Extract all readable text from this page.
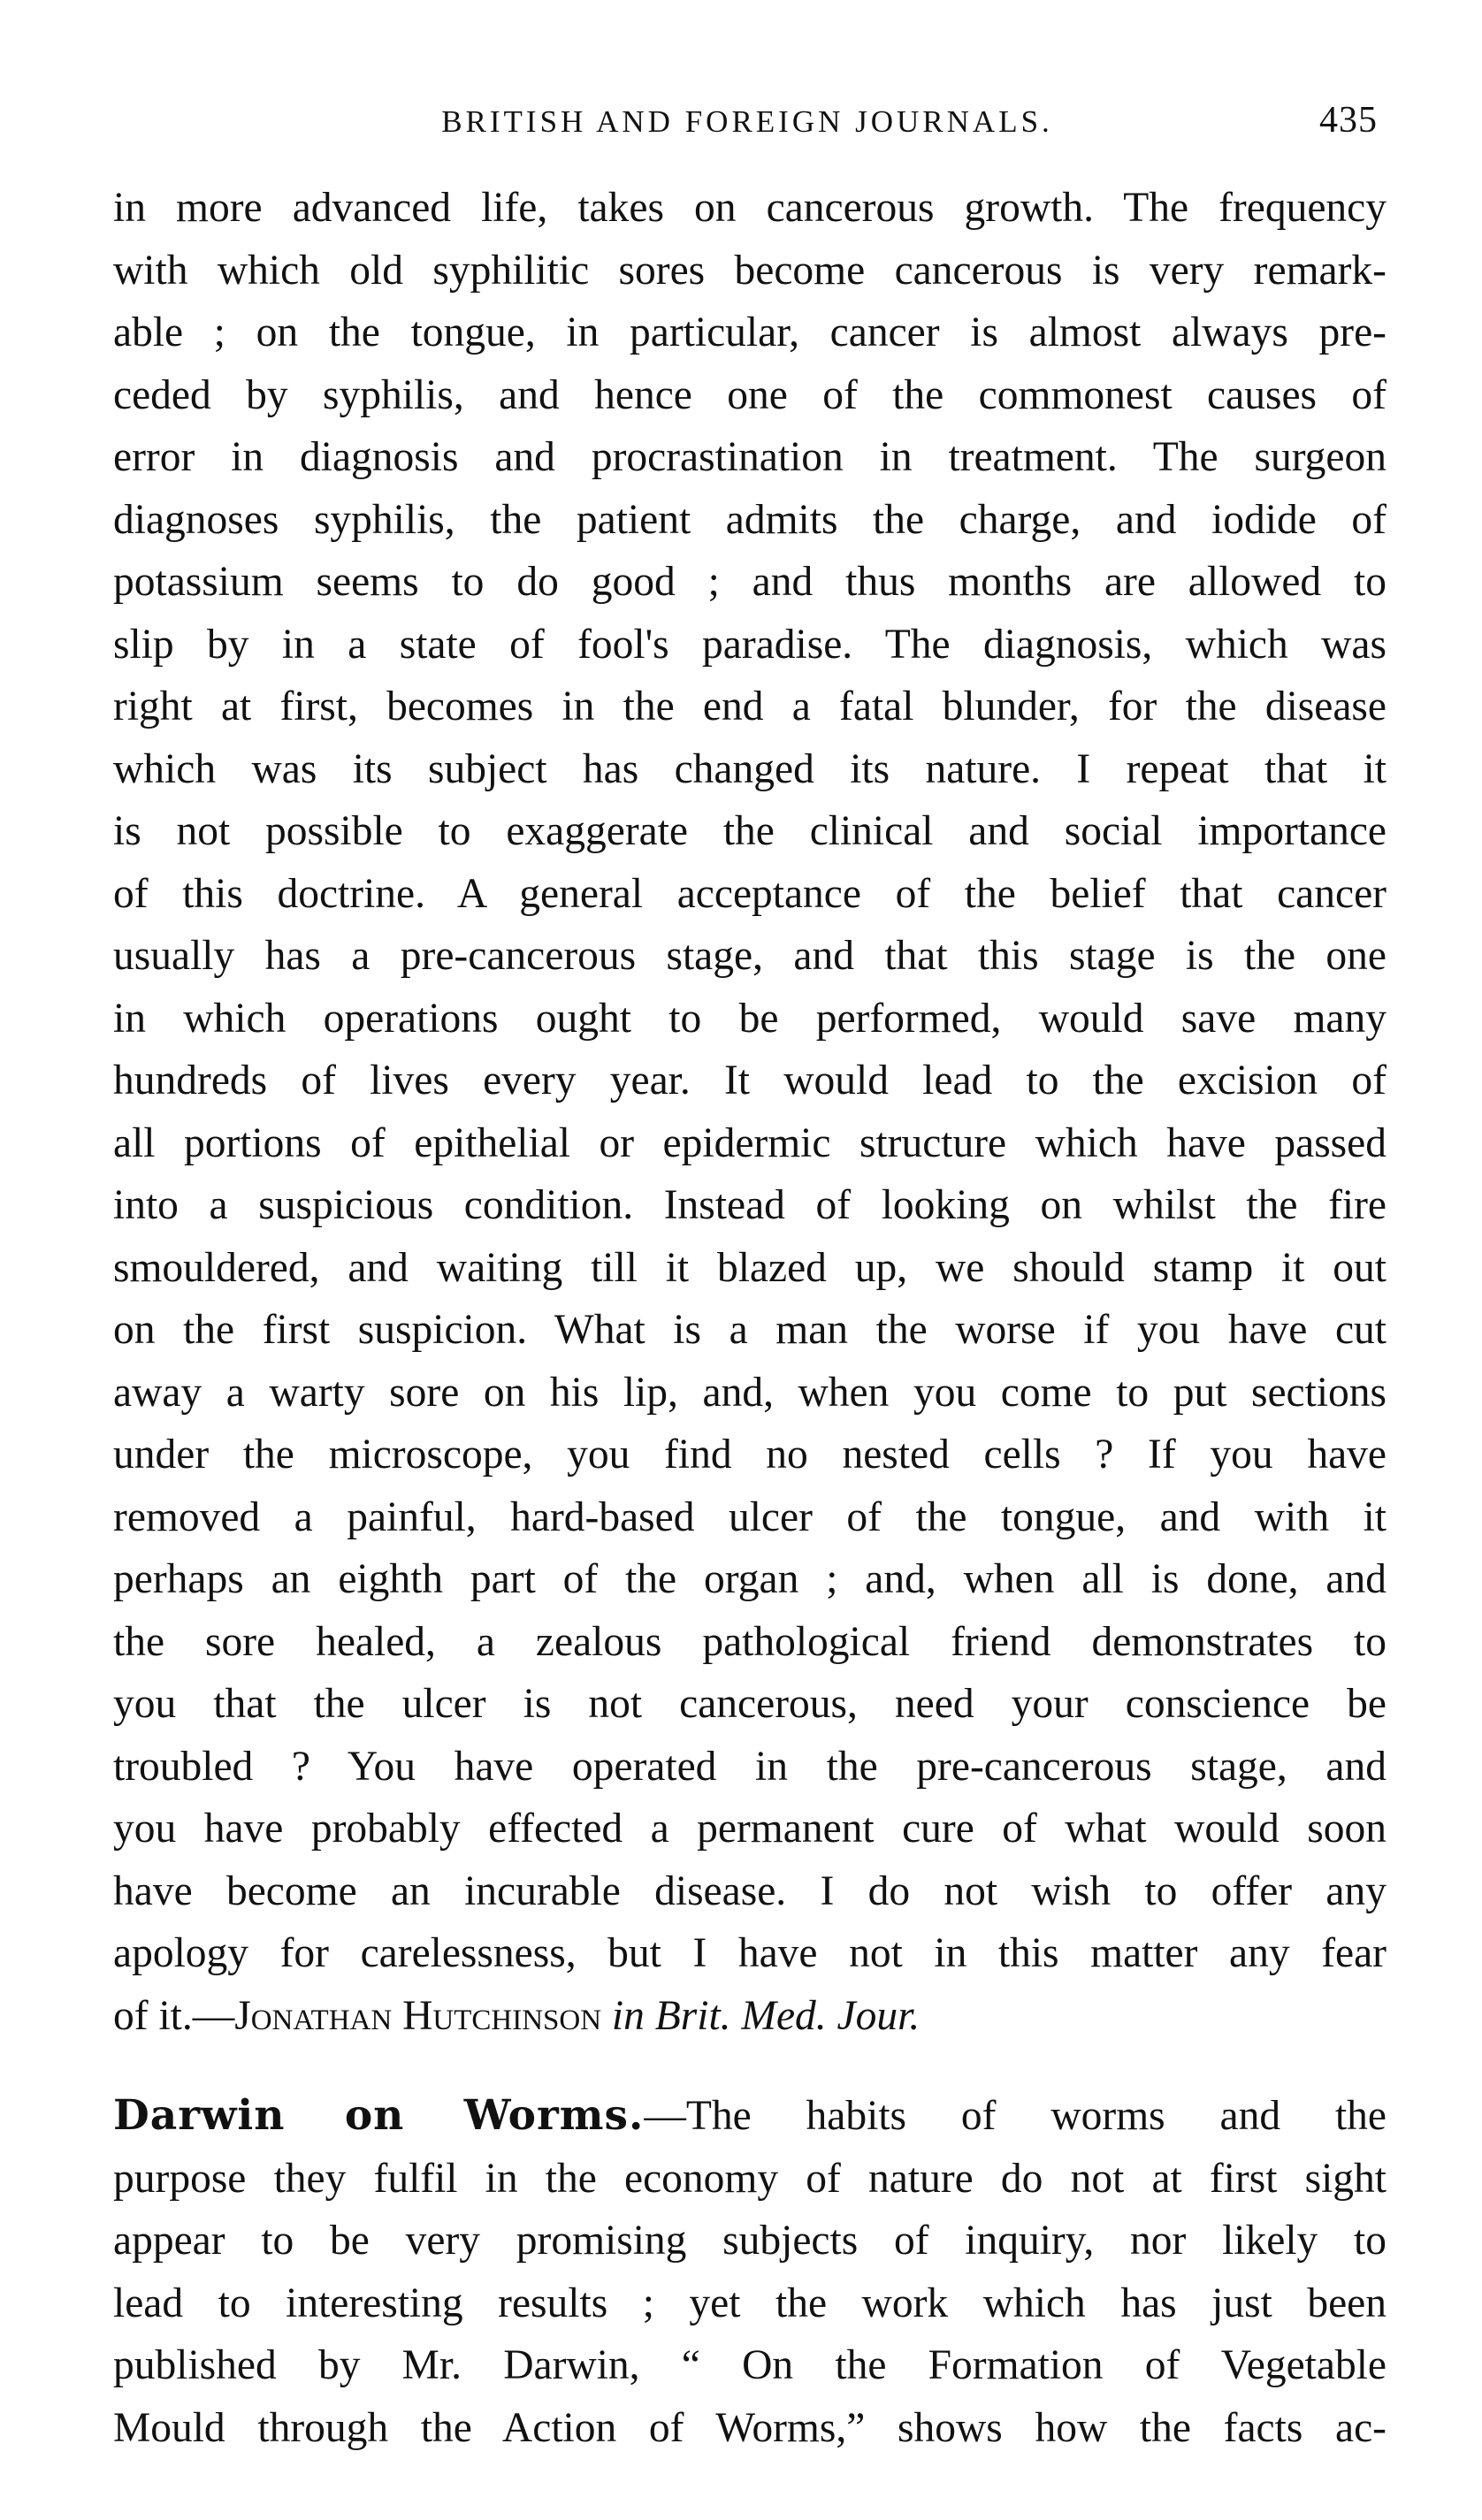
BRITISH AND FOREIGN JOURNALS.	435
in more advanced life, takes on cancerous growth. The frequency
with which old syphilitic sores become cancerous is very remark-
able ; on the tongue, in particular, cancer is almost always pre-
ceded by syphilis, and hence one of the commonest causes of
error in diagnosis and procrastination in treatment. The surgeon
diagnoses syphilis, the patient admits the charge, and iodide of
potassium seems to do good ; and thus months are allowed to
slip by in a state of fool's paradise. The diagnosis, which was
right at first, becomes in the end a fatal blunder, for the disease
which was its subject has changed its nature. I repeat that it
is not possible to exaggerate the clinical and social importance
of this doctrine. A general acceptance of the belief that cancer
usually has a pre-cancerous stage, and that this stage is the one
in which operations ought to be performed, would save many
hundreds of lives every year. It would lead to the excision of
all portions of epithelial or epidermic structure which have passed
into a suspicious condition. Instead of looking on whilst the fire
smouldered, and waiting till it blazed up, we should stamp it out
on the first suspicion. What is a man the worse if you have cut
away a warty sore on his lip, and, when you come to put sections
under the microscope, you find no nested cells ? If you have
removed a painful, hard-based ulcer of the tongue, and with it
perhaps an eighth part of the organ ; and, when all is done, and
the sore healed, a zealous pathological friend demonstrates to
you that the ulcer is not cancerous, need your conscience be
troubled ? You have operated in the pre-cancerous stage, and
you have probably effected a permanent cure of what would soon
have become an incurable disease. I do not wish to offer any
apology for carelessness, but I have not in this matter any fear
of it.—Jonathan Hutchinson in Brit. Med. Jour.
Darwin on Worms.—The habits of worms and the
purpose they fulfil in the economy of nature do not at first sight
appear to be very promising subjects of inquiry, nor likely to
lead to interesting results ; yet the work which has just been
published by Mr. Darwin, “ On the Formation of Vegetable
Mould through the Action of Worms,” shows how the facts ac-
